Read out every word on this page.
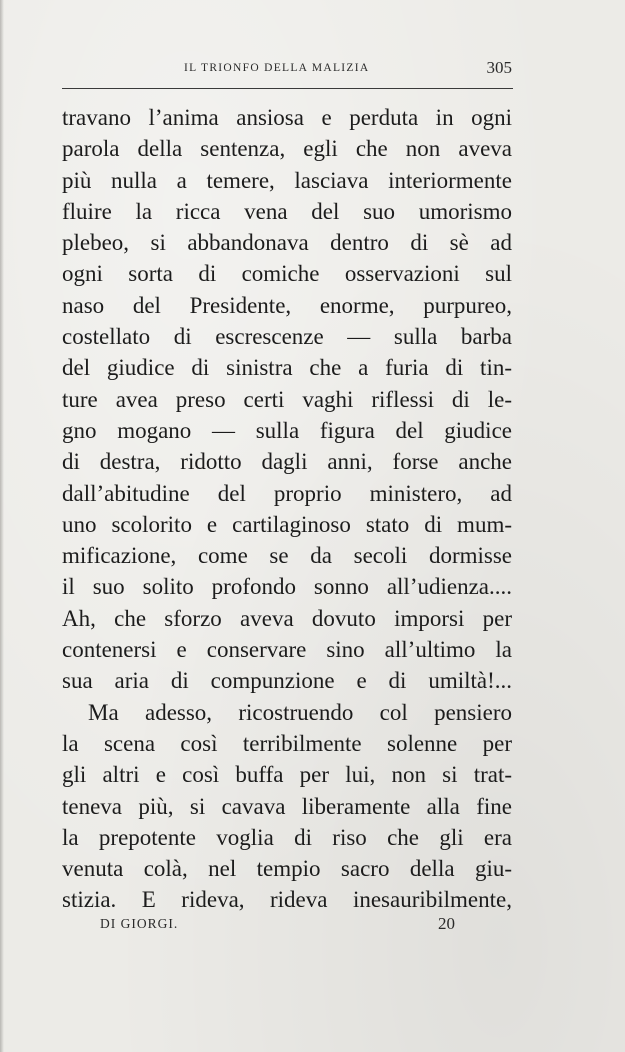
IL TRIONFO DELLA MALIZIA	305
travano l’anima ansiosa e perduta in ogni
parola della sentenza, egli che non aveva
più nulla a temere, lasciava interiormente
fluire la ricca vena del suo umorismo
plebeo, si abbandonava dentro di sè ad
ogni sorta di comiche osservazioni sul
naso del Presidente, enorme, purpureo,
costellato di escrescenze — sulla barba
del giudice di sinistra che a furia di tin-
ture avea preso certi vaghi riflessi di le-
gno mogano — sulla figura del giudice
di destra, ridotto dagli anni, forse anche
dall’abitudine del proprio ministero, ad
uno scolorito e cartilaginoso stato di mum-
mificazione, come se da secoli dormisse
il suo solito profondo sonno all’udienza....
Ah, che sforzo aveva dovuto imporsi per
contenersi e conservare sino all’ultimo la
sua aria di compunzione e di umiltà!...
Ma adesso, ricostruendo col pensiero
la scena così terribilmente solenne per
gli altri e così buffa per lui, non si trat-
teneva più, si cavava liberamente alla fine
la prepotente voglia di riso che gli era
venuta colà, nel tempio sacro della giu-
stizia. E rideva, rideva inesauribilmente,
DI GIORGI.	20
